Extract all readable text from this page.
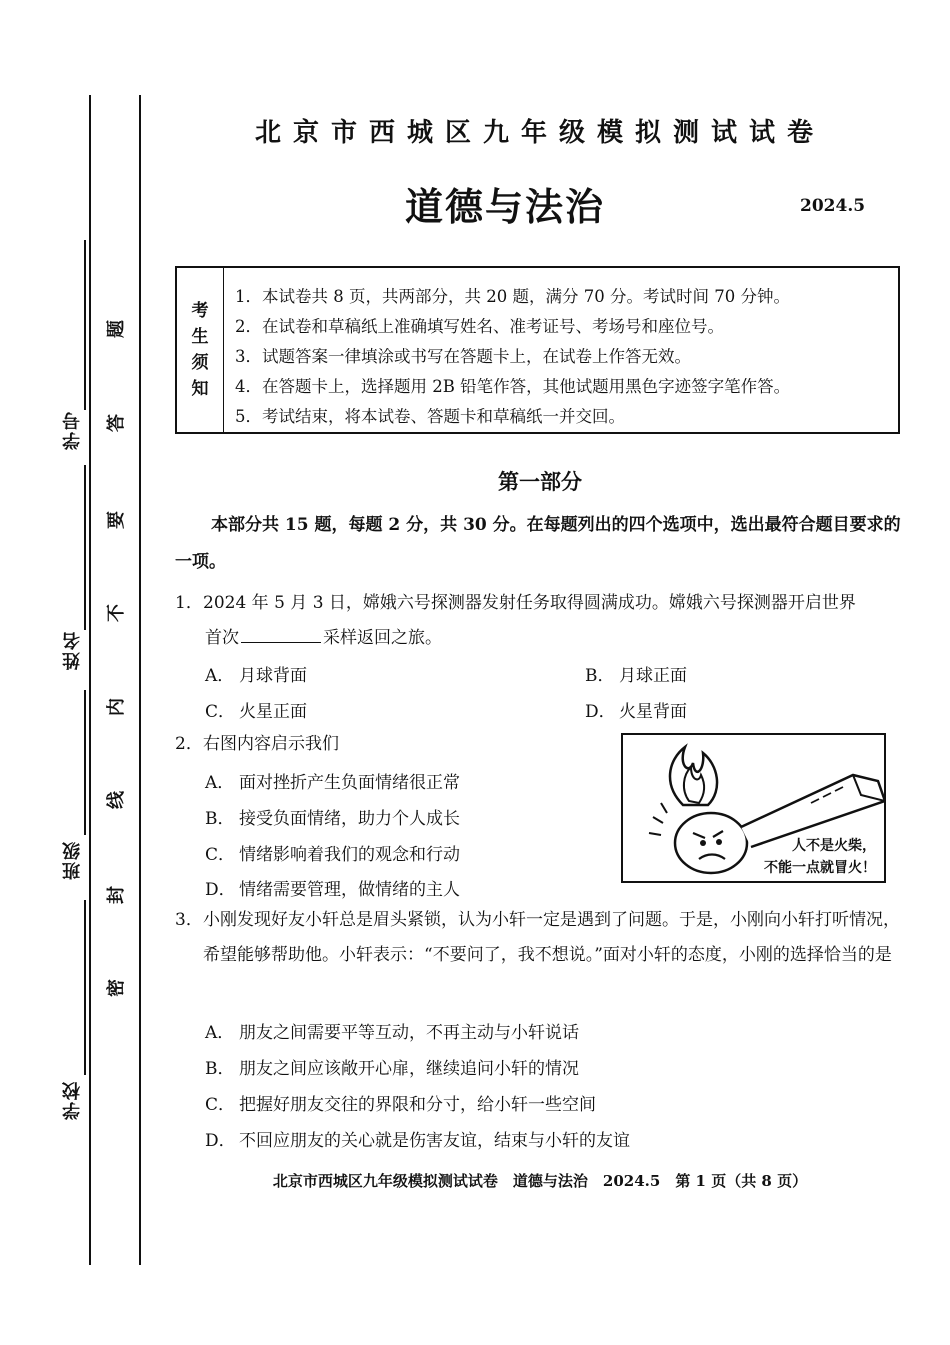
学号
姓名
班级
学校
题
答
要
不
内
线
封
密
北京市西城区九年级模拟测试试卷
道德与法治	2024.5
考
生
须
知
1．本试卷共 8 页，共两部分，共 20 题，满分 70 分。考试时间 70 分钟。
2．在试卷和草稿纸上准确填写姓名、准考证号、考场号和座位号。
3．试题答案一律填涂或书写在答题卡上，在试卷上作答无效。
4．在答题卡上，选择题用 2B 铅笔作答，其他试题用黑色字迹签字笔作答。
5．考试结束，将本试卷、答题卡和草稿纸一并交回。
第一部分
本部分共 15 题，每题 2 分，共 30 分。在每题列出的四个选项中，选出最符合题目要求的一项。
1．2024 年 5 月 3 日，嫦娥六号探测器发射任务取得圆满成功。嫦娥六号探测器开启世界
首次	采样返回之旅。
A． 月球背面	B． 月球正面
C． 火星正面	D． 火星背面
2．右图内容启示我们
A． 面对挫折产生负面情绪很正常
B． 接受负面情绪，助力个人成长
C． 情绪影响着我们的观念和行动
D． 情绪需要管理，做情绪的主人
人不是火柴，
不能一点就冒火！
3．小刚发现好友小轩总是眉头紧锁，认为小轩一定是遇到了问题。于是，小刚向小轩打听情况，希望能够帮助他。小轩表示：“不要问了，我不想说。”面对小轩的态度，小刚的选择恰当的是
A． 朋友之间需要平等互动，不再主动与小轩说话
B． 朋友之间应该敞开心扉，继续追问小轩的情况
C． 把握好朋友交往的界限和分寸，给小轩一些空间
D． 不回应朋友的关心就是伤害友谊，结束与小轩的友谊
北京市西城区九年级模拟测试试卷　道德与法治　2024.5　第 1 页（共 8 页）
